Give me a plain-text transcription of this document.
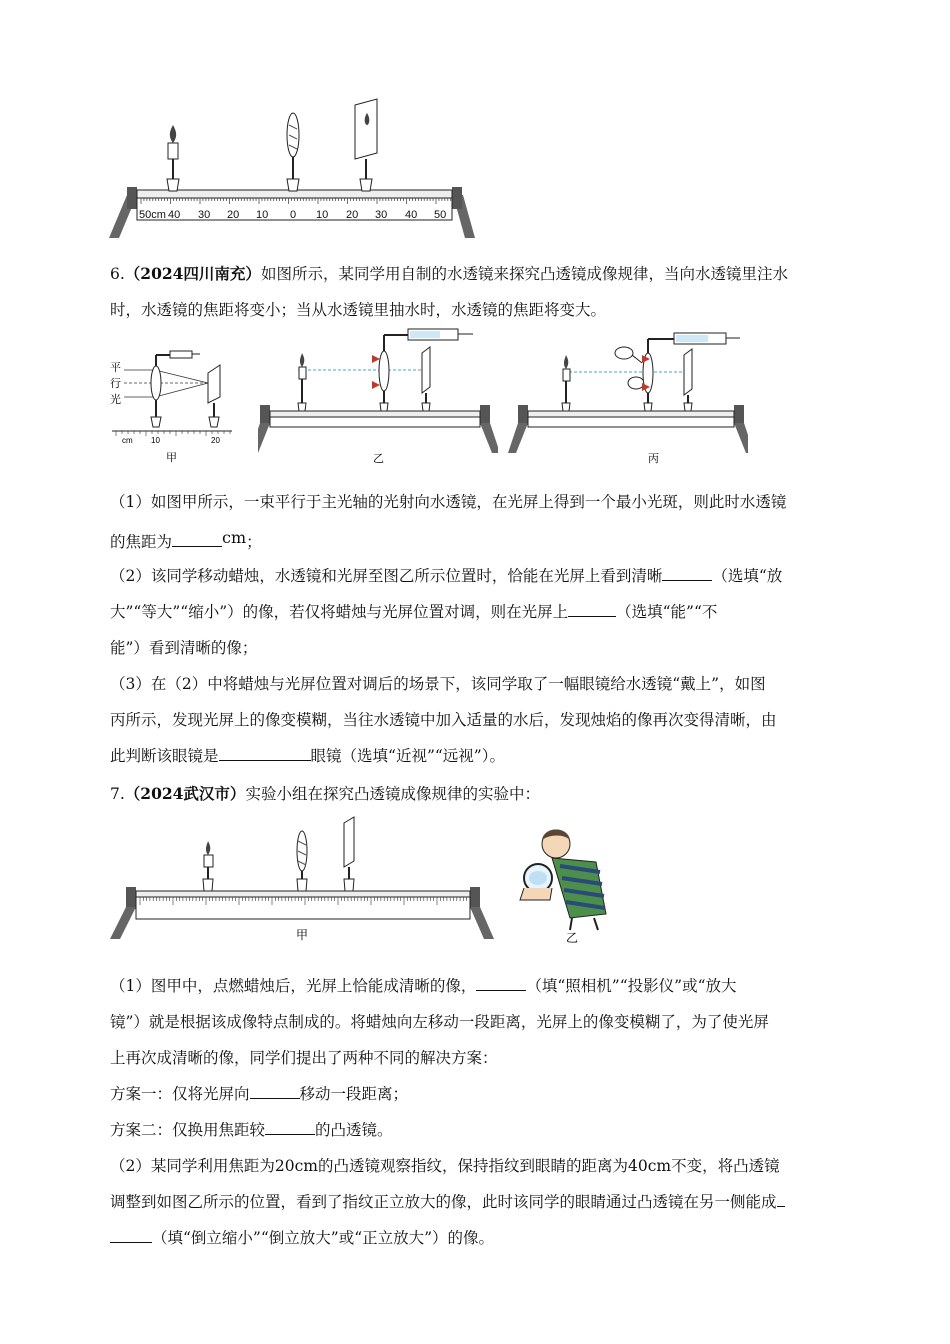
50cm 40 30 20 10 0 10 20 30 40 50
6.（2024四川南充）如图所示，某同学用自制的水透镜来探究凸透镜成像规律，当向水透镜里注水
时，水透镜的焦距将变小；当从水透镜里抽水时，水透镜的焦距将变大。
平
行
光
cm 10	20
甲	乙	丙
（1）如图甲所示，一束平行于主光轴的光射向水透镜，在光屏上得到一个最小光斑，则此时水透镜
的焦距为	cm；
（2）该同学移动蜡烛，水透镜和光屏至图乙所示位置时，恰能在光屏上看到清晰	（选填“放
大”“等大”“缩小”）的像，若仅将蜡烛与光屏位置对调，则在光屏上	（选填“能”“不
能”）看到清晰的像；
（3）在（2）中将蜡烛与光屏位置对调后的场景下，该同学取了一幅眼镜给水透镜“戴上”，如图
丙所示，发现光屏上的像变模糊，当往水透镜中加入适量的水后，发现烛焰的像再次变得清晰，由
此判断该眼镜是	眼镜（选填“近视”“远视”）。
7.（2024武汉市）实验小组在探究凸透镜成像规律的实验中：
甲	乙
（1）图甲中，点燃蜡烛后，光屏上恰能成清晰的像，	（填“照相机”“投影仪”或“放大
镜”）就是根据该成像特点制成的。将蜡烛向左移动一段距离，光屏上的像变模糊了，为了使光屏
上再次成清晰的像，同学们提出了两种不同的解决方案：
方案一：仅将光屏向	移动一段距离；
方案二：仅换用焦距较	的凸透镜。
（2）某同学利用焦距为20cm的凸透镜观察指纹，保持指纹到眼睛的距离为40cm不变，将凸透镜
调整到如图乙所示的位置，看到了指纹正立放大的像，此时该同学的眼睛通过凸透镜在另一侧能成
（填“倒立缩小”“倒立放大”或“正立放大”）的像。
